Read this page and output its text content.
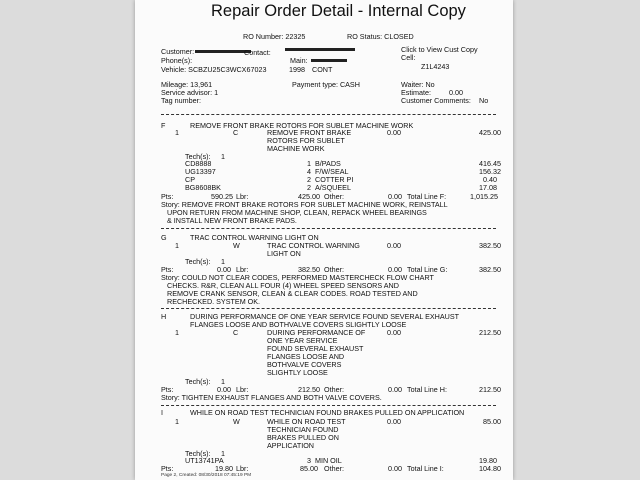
Repair Order Detail - Internal Copy
RO Number: 22325	RO Status: CLOSED
Customer:
Phone(s):
Vehicle: SCBZU25C3WCX67023
Contact:
Main:
1998 CONT
Click to View Cust Copy
Cell:
Z1L4243
Mileage: 13,961
Service advisor: 1
Tag number:
Payment type: CASH	Waiter: No
Estimate:	0.00
Customer Comments: No
F	REMOVE FRONT BRAKE ROTORS FOR SUBLET MACHINE WORK
1	C	REMOVE FRONT BRAKE
ROTORS FOR SUBLET
MACHINE WORK
0.00	425.00
Tech(s): 1
CD8888	1 B/PADS	416.45
UG13397	4 F/W/SEAL	156.32
CP	2 COTTER PI	0.40
BG8608BK	2 A/SQUEEL	17.08
Pts:	590.25 Lbr:	425.00 Other:	0.00 Total Line F:	1,015.25
Story: REMOVE FRONT BRAKE ROTORS FOR SUBLET MACHINE WORK, REINSTALL
UPON RETURN FROM MACHINE SHOP, CLEAN, REPACK WHEEL BEARINGS
& INSTALL NEW FRONT BRAKE PADS.
G	TRAC CONTROL WARNING LIGHT ON
1	W	TRAC CONTROL WARNING
LIGHT ON
0.00	382.50
Tech(s): 1
Pts:	0.00 Lbr:	382.50 Other:	0.00 Total Line G:	382.50
Story: COULD NOT CLEAR CODES, PERFORMED MASTERCHECK FLOW CHART
CHECKS. R&R, CLEAN ALL FOUR (4) WHEEL SPEED SENSORS AND
REMOVE CRANK SENSOR, CLEAN & CLEAR CODES. ROAD TESTED AND
RECHECKED. SYSTEM OK.
H	DURING PERFORMANCE OF ONE YEAR SERVICE FOUND SEVERAL EXHAUST
FLANGES LOOSE AND BOTHVALVE COVERS SLIGHTLY LOOSE
1	C	DURING PERFORMANCE OF
ONE YEAR SERVICE
FOUND SEVERAL EXHAUST
FLANGES LOOSE AND
BOTHVALVE COVERS
SLIGHTLY LOOSE
0.00	212.50
Tech(s): 1
Pts:	0.00 Lbr:	212.50 Other:	0.00 Total Line H:	212.50
Story: TIGHTEN EXHAUST FLANGES AND BOTH VALVE COVERS.
I	WHILE ON ROAD TEST TECHNICIAN FOUND BRAKES PULLED ON APPLICATION
1	W	WHILE ON ROAD TEST
TECHNICIAN FOUND
BRAKES PULLED ON
APPLICATION
0.00	85.00
Tech(s): 1
UT13741PA	3 MIN OIL	19.80
Pts:	19.80 Lbr:	85.00 Other:	0.00 Total Line I:	104.80
Page 2, Created: 08/30/2018 07:45:19 PM
